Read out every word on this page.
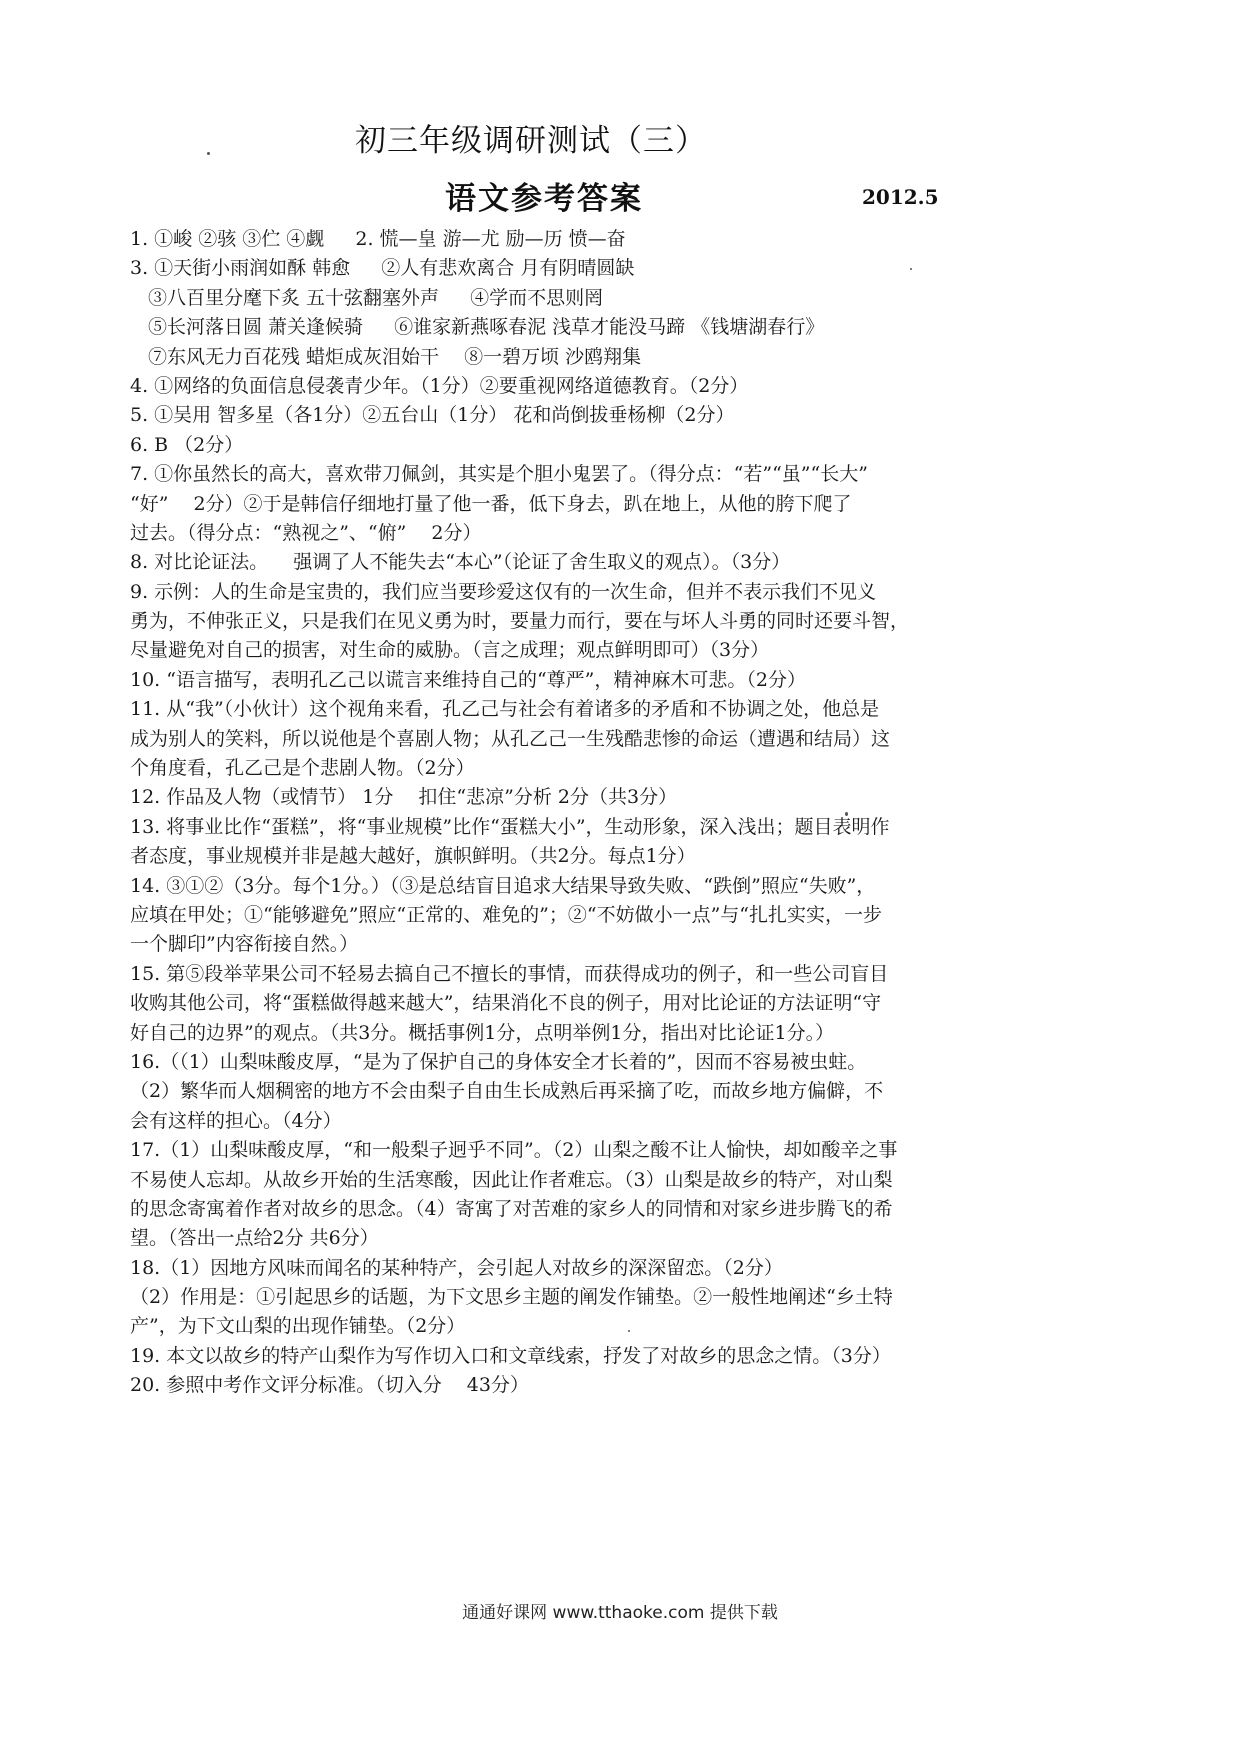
初三年级调研测试（三）
语文参考答案	2012.5
1. ①峻 ②骇 ③伫 ④觑 　 2. 慌—皇 游—尤 励—历 愤—奋
3. ①天街小雨润如酥 韩愈 　 ②人有悲欢离合 月有阴晴圆缺
③八百里分麾下炙 五十弦翻塞外声 　 ④学而不思则罔
⑤长河落日圆 萧关逢候骑 　 ⑥谁家新燕啄春泥 浅草才能没马蹄 《钱塘湖春行》
⑦东风无力百花残 蜡炬成灰泪始干 　⑧一碧万顷 沙鸥翔集
4. ①网络的负面信息侵袭青少年。（1分）②要重视网络道德教育。（2分）
5. ①吴用 智多星（各1分）②五台山（1分） 花和尚倒拔垂杨柳（2分）
6. B （2分）
7. ①你虽然长的高大，喜欢带刀佩剑，其实是个胆小鬼罢了。（得分点：“若”“虽”“长大”
“好” 　2分）②于是韩信仔细地打量了他一番，低下身去，趴在地上，从他的胯下爬了
过去。（得分点：“熟视之”、“俯” 　2分）
8. 对比论证法。 　强调了人不能失去“本心”（论证了舍生取义的观点）。（3分）
9. 示例：人的生命是宝贵的，我们应当要珍爱这仅有的一次生命，但并不表示我们不见义
勇为，不伸张正义，只是我们在见义勇为时，要量力而行，要在与坏人斗勇的同时还要斗智，
尽量避免对自己的损害，对生命的威胁。（言之成理；观点鲜明即可）（3分）
10. “语言描写，表明孔乙己以谎言来维持自己的“尊严”，精神麻木可悲。（2分）
11. 从“我”（小伙计）这个视角来看，孔乙己与社会有着诸多的矛盾和不协调之处，他总是
成为别人的笑料，所以说他是个喜剧人物；从孔乙己一生残酷悲惨的命运（遭遇和结局）这
个角度看，孔乙己是个悲剧人物。（2分）
12. 作品及人物（或情节） 1分 　扣住“悲凉”分析 2分（共3分）
13. 将事业比作“蛋糕”，将“事业规模”比作“蛋糕大小”，生动形象，深入浅出；题目表明作
者态度，事业规模并非是越大越好，旗帜鲜明。（共2分。每点1分）
14. ③①②（3分。每个1分。）（③是总结盲目追求大结果导致失败、“跌倒”照应“失败”，
应填在甲处；①“能够避免”照应“正常的、难免的”；②“不妨做小一点”与“扎扎实实，一步
一个脚印”内容衔接自然。）
15. 第⑤段举苹果公司不轻易去搞自己不擅长的事情，而获得成功的例子，和一些公司盲目
收购其他公司，将“蛋糕做得越来越大”，结果消化不良的例子，用对比论证的方法证明“守
好自己的边界”的观点。（共3分。概括事例1分，点明举例1分，指出对比论证1分。）
16.（（1）山梨味酸皮厚，“是为了保护自己的身体安全才长着的”，因而不容易被虫蛀。
（2）繁华而人烟稠密的地方不会由梨子自由生长成熟后再采摘了吃，而故乡地方偏僻，不
会有这样的担心。（4分）
17.（1）山梨味酸皮厚，“和一般梨子迥乎不同”。（2）山梨之酸不让人愉快，却如酸辛之事
不易使人忘却。从故乡开始的生活寒酸，因此让作者难忘。（3）山梨是故乡的特产，对山梨
的思念寄寓着作者对故乡的思念。（4）寄寓了对苦难的家乡人的同情和对家乡进步腾飞的希
望。（答出一点给2分 共6分）
18.（1）因地方风味而闻名的某种特产，会引起人对故乡的深深留恋。（2分）
（2）作用是：①引起思乡的话题，为下文思乡主题的阐发作铺垫。②一般性地阐述“乡土特
产”，为下文山梨的出现作铺垫。（2分）
19. 本文以故乡的特产山梨作为写作切入口和文章线索，抒发了对故乡的思念之情。（3分）
20. 参照中考作文评分标准。（切入分 　43分）
通通好课网 www.tthaoke.com 提供下载
